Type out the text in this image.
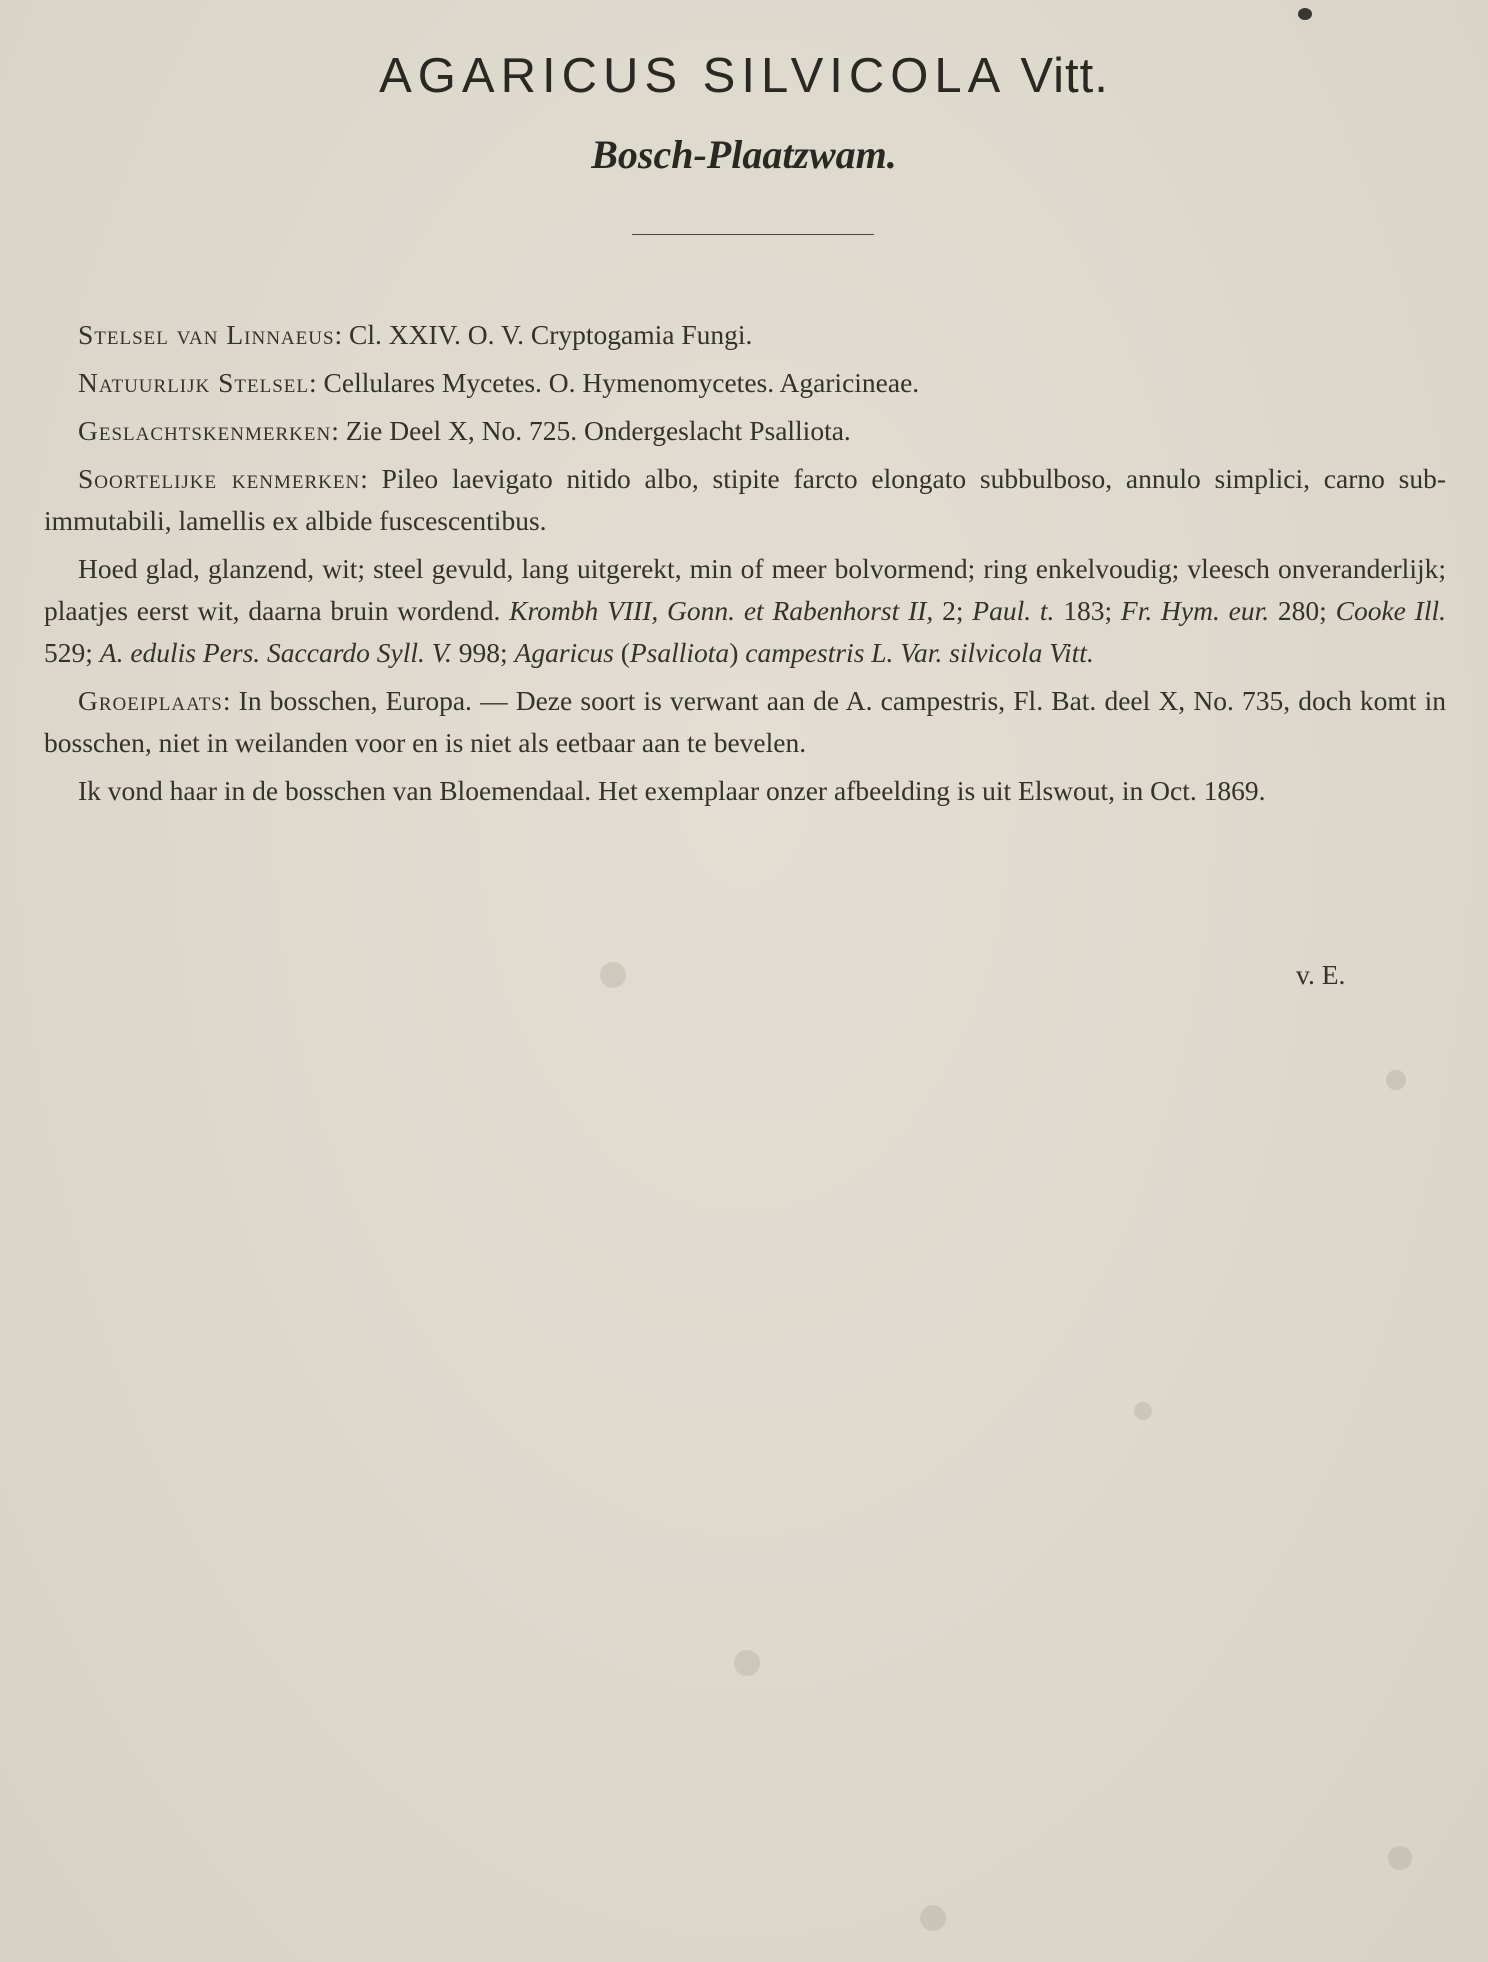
AGARICUS SILVICOLA Vitt.
Bosch-Plaatzwam.

Stelsel van Linnaeus: Cl. XXIV. O. V. Cryptogamia Fungi.

Natuurlijk Stelsel: Cellulares Mycetes. O. Hymenomycetes. Agaricineae.

Geslachtskenmerken: Zie Deel X, No. 725. Ondergeslacht Psalliota.

Soortelijke kenmerken: Pileo laevigato nitido albo, stipite farcto elongato subbulboso, annulo simplici, carno sub-immutabili, lamellis ex albide fuscescentibus.

Hoed glad, glanzend, wit; steel gevuld, lang uitgerekt, min of meer bolvormend; ring enkelvoudig; vleesch onveranderlijk; plaatjes eerst wit, daarna bruin wordend. Krombh VIII, Gonn. et Rabenhorst II, 2; Paul. t. 183; Fr. Hym. eur. 280; Cooke Ill. 529; A. edulis Pers. Saccardo Syll. V. 998; Agaricus (Psalliota) campestris L. Var. silvicola Vitt.

Groeiplaats: In bosschen, Europa. — Deze soort is verwant aan de A. campestris, Fl. Bat. deel X, No. 735, doch komt in bosschen, niet in weilanden voor en is niet als eetbaar aan te bevelen.

Ik vond haar in de bosschen van Bloemendaal. Het exemplaar onzer afbeelding is uit Elswout, in Oct. 1869.

v. E.
